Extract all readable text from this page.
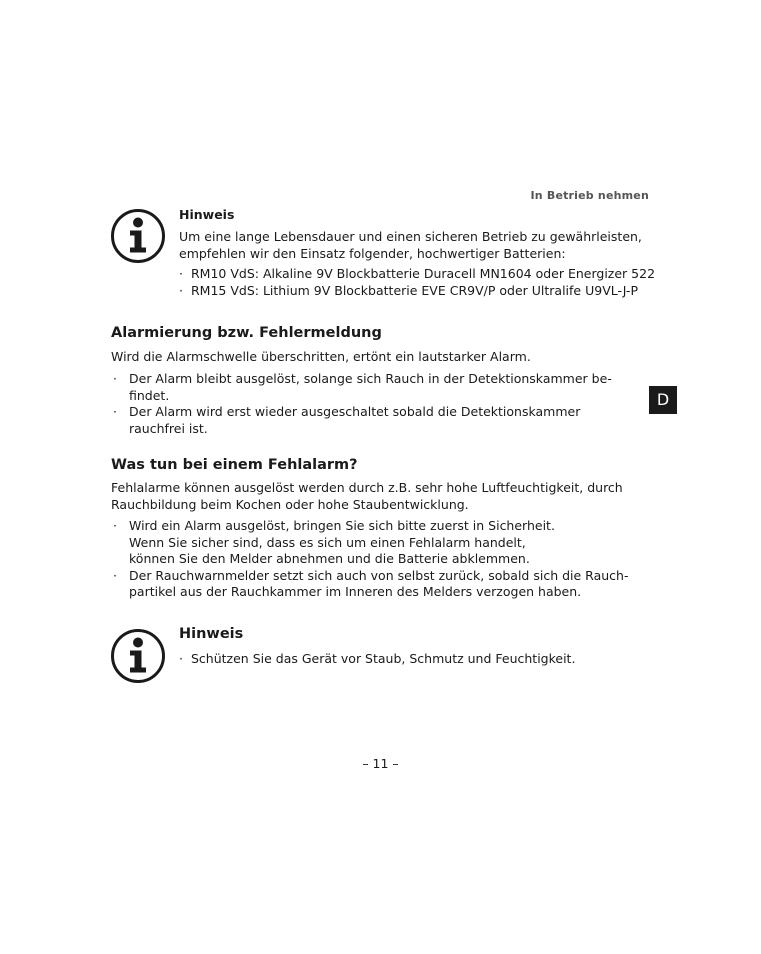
In Betrieb nehmen
Hinweis
Um eine lange Lebensdauer und einen sicheren Betrieb zu gewährleisten,
empfehlen wir den Einsatz folgender, hochwertiger Batterien:
· RM10 VdS: Alkaline 9V Blockbatterie Duracell MN1604 oder Energizer 522
· RM15 VdS: Lithium 9V Blockbatterie EVE CR9V/P oder Ultralife U9VL-J-P
Alarmierung bzw. Fehlermeldung
Wird die Alarmschwelle überschritten, ertönt ein lautstarker Alarm.
· Der Alarm bleibt ausgelöst, solange sich Rauch in der Detektionskammer be-
findet.
· Der Alarm wird erst wieder ausgeschaltet sobald die Detektionskammer
rauchfrei ist.
D
Was tun bei einem Fehlalarm?
Fehlalarme können ausgelöst werden durch z.B. sehr hohe Luftfeuchtigkeit, durch
Rauchbildung beim Kochen oder hohe Staubentwicklung.
· Wird ein Alarm ausgelöst, bringen Sie sich bitte zuerst in Sicherheit.
Wenn Sie sicher sind, dass es sich um einen Fehlalarm handelt,
können Sie den Melder abnehmen und die Batterie abklemmen.
· Der Rauchwarnmelder setzt sich auch von selbst zurück, sobald sich die Rauch-
partikel aus der Rauchkammer im Inneren des Melders verzogen haben.
Hinweis
· Schützen Sie das Gerät vor Staub, Schmutz und Feuchtigkeit.
– 11 –
